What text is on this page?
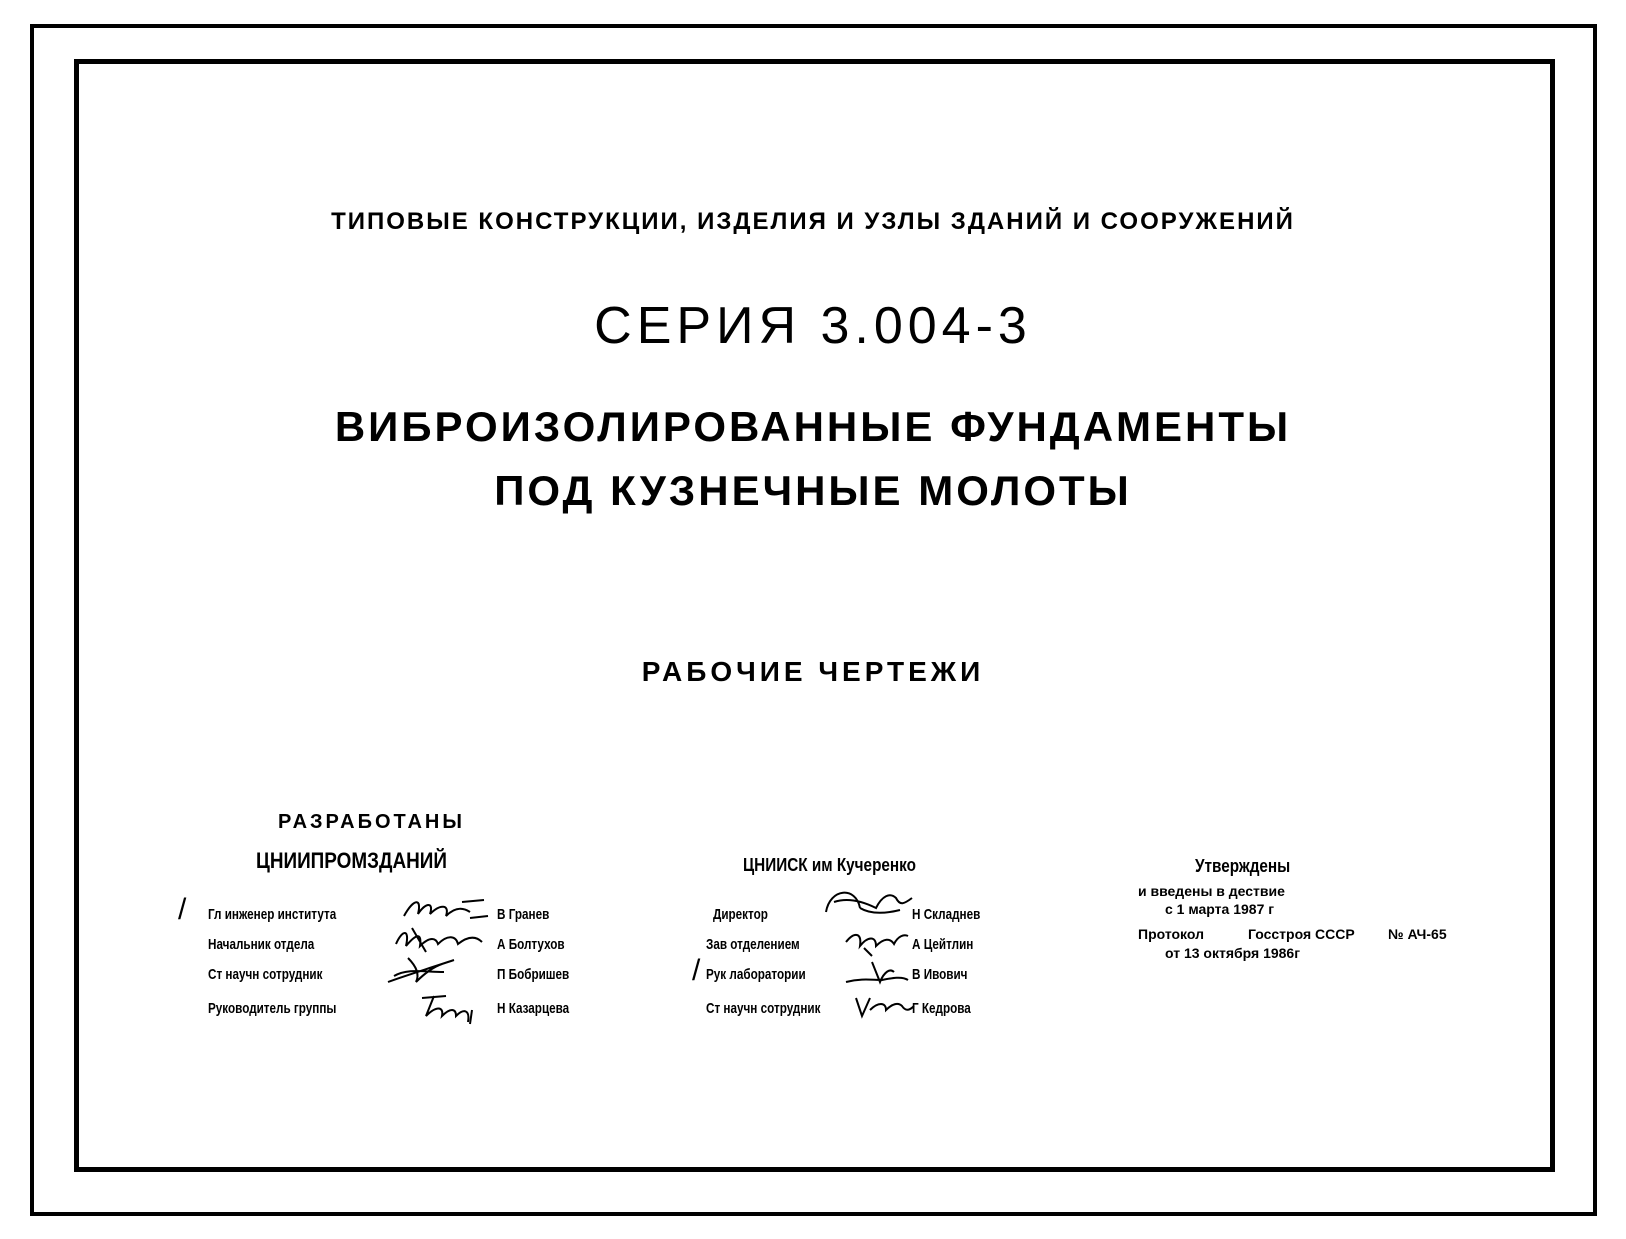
ТИПОВЫЕ КОНСТРУКЦИИ, ИЗДЕЛИЯ И УЗЛЫ ЗДАНИЙ И СООРУЖЕНИЙ
СЕРИЯ 3.004-3
ВИБРОИЗОЛИРОВАННЫЕ ФУНДАМЕНТЫ
ПОД КУЗНЕЧНЫЕ МОЛОТЫ
РАБОЧИЕ ЧЕРТЕЖИ
РАЗРАБОТАНЫ
ЦНИИПРОМЗДАНИЙ
/ Гл инженер института
Начальник отдела
Ст научн сотрудник
Руководитель группы
В Гранев
А Болтухов
П Бобришев
Н Казарцева
ЦНИИСК им Кучеренко
/
Директор
Зав отделением
Рук лаборатории
Ст научн сотрудник
Н Складнев
А Цейтлин
В Ивович
Г Кедрова
Утверждены
и введены в дествие
с 1 марта 1987 г
Протокол	Госстроя СССР № АЧ-65
от 13 октября 1986г
